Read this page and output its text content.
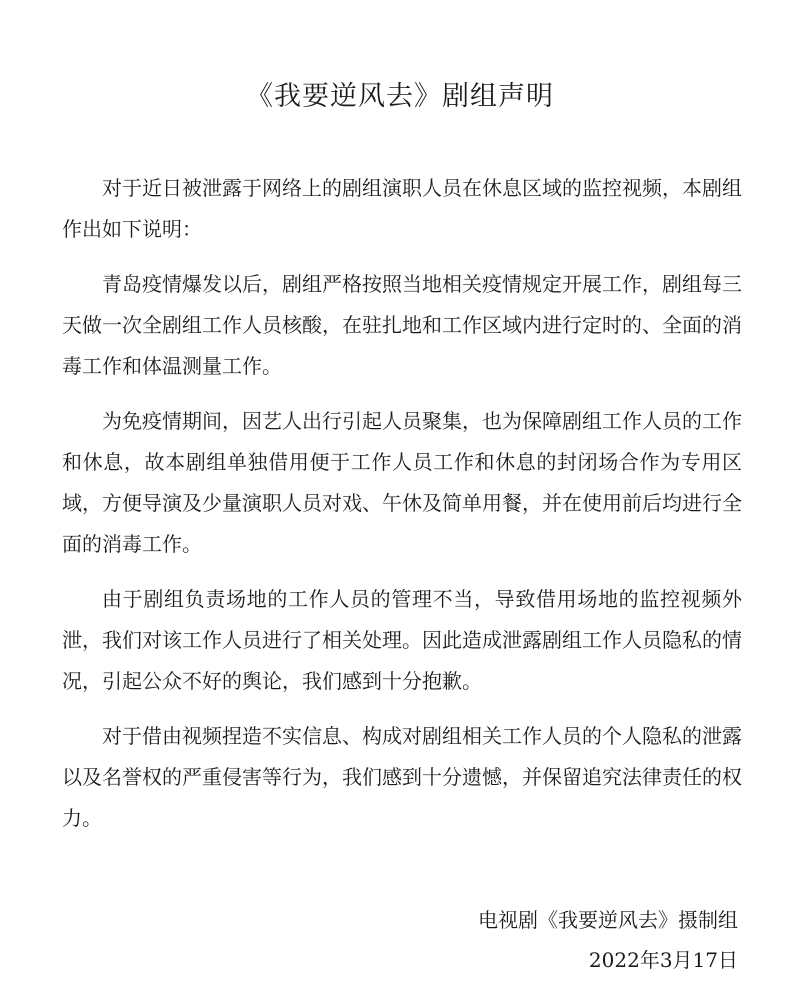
《我要逆风去》剧组声明

对于近日被泄露于网络上的剧组演职人员在休息区域的监控视频，本剧组作出如下说明：

青岛疫情爆发以后，剧组严格按照当地相关疫情规定开展工作，剧组每三天做一次全剧组工作人员核酸，在驻扎地和工作区域内进行定时的、全面的消毒工作和体温测量工作。

为免疫情期间，因艺人出行引起人员聚集，也为保障剧组工作人员的工作和休息，故本剧组单独借用便于工作人员工作和休息的封闭场合作为专用区域，方便导演及少量演职人员对戏、午休及简单用餐，并在使用前后均进行全面的消毒工作。

由于剧组负责场地的工作人员的管理不当，导致借用场地的监控视频外泄，我们对该工作人员进行了相关处理。因此造成泄露剧组工作人员隐私的情况，引起公众不好的舆论，我们感到十分抱歉。

对于借由视频捏造不实信息、构成对剧组相关工作人员的个人隐私的泄露以及名誉权的严重侵害等行为，我们感到十分遗憾，并保留追究法律责任的权力。

电视剧《我要逆风去》摄制组
2022年3月17日
